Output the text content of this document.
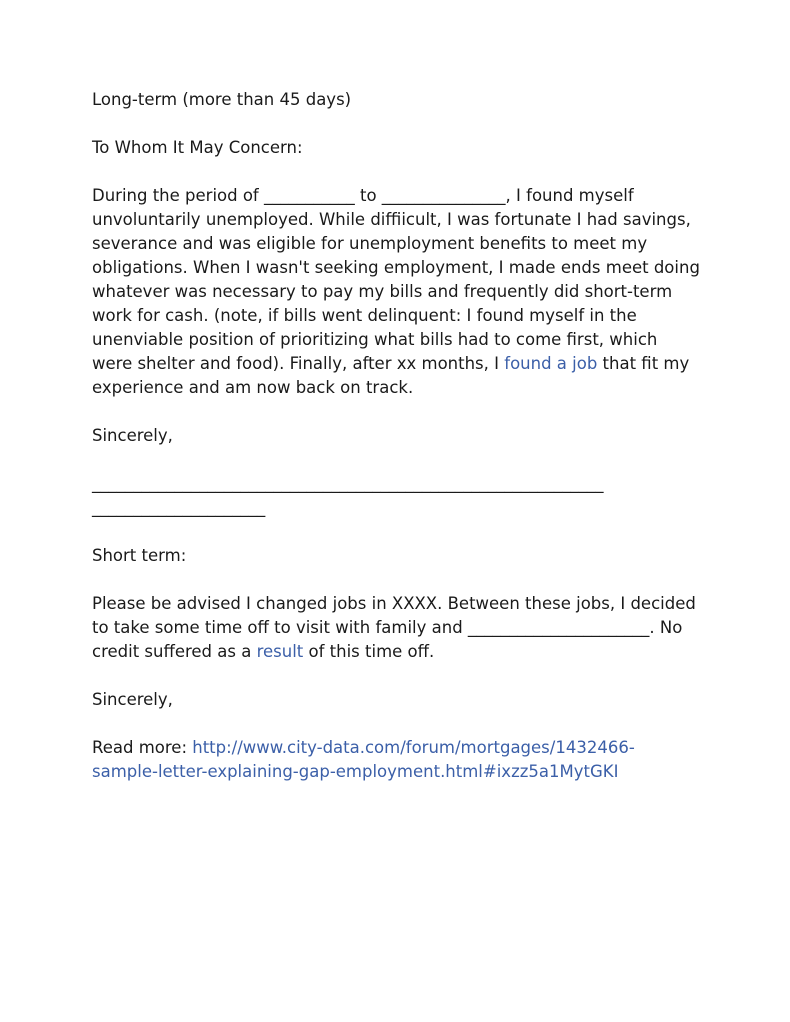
Long-term (more than 45 days)

To Whom It May Concern:

During the period of ___________ to _______________, I found myself unvoluntarily unemployed. While diffiicult, I was fortunate I had savings, severance and was eligible for unemployment benefits to meet my obligations. When I wasn't seeking employment, I made ends meet doing whatever was necessary to pay my bills and frequently did short-term work for cash. (note, if bills went delinquent: I found myself in the unenviable position of prioritizing what bills had to come first, which were shelter and food). Finally, after xx months, I found a job that fit my experience and am now back on track.

Sincerely,

______________________________________________________________

_____________________

Short term:

Please be advised I changed jobs in XXXX. Between these jobs, I decided to take some time off to visit with family and ______________________. No credit suffered as a result of this time off.

Sincerely,

Read more: http://www.city-data.com/forum/mortgages/1432466-sample-letter-explaining-gap-employment.html#ixzz5a1MytGKI
